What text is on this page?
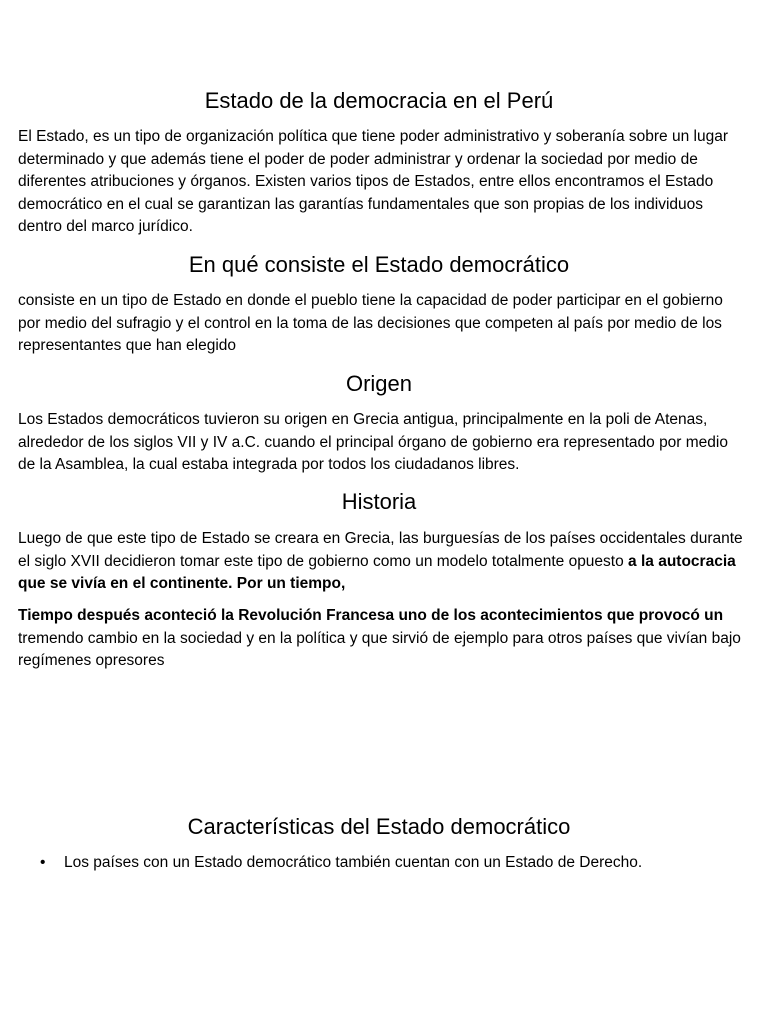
Estado de la democracia en el Perú

El Estado, es un tipo de organización política que tiene poder administrativo y soberanía sobre un lugar determinado y que además tiene el poder de poder administrar y ordenar la sociedad por medio de diferentes atribuciones y órganos. Existen varios tipos de Estados, entre ellos encontramos el Estado democrático en el cual se garantizan las garantías fundamentales que son propias de los individuos dentro del marco jurídico.

En qué consiste el Estado democrático

consiste en un tipo de Estado en donde el pueblo tiene la capacidad de poder participar en el gobierno por medio del sufragio y el control en la toma de las decisiones que competen al país por medio de los representantes que han elegido

Origen

Los Estados democráticos tuvieron su origen en Grecia antigua, principalmente en la poli de Atenas, alrededor de los siglos VII y IV a.C. cuando el principal órgano de gobierno era representado por medio de la Asamblea, la cual estaba integrada por todos los ciudadanos libres.

Historia

Luego de que este tipo de Estado se creara en Grecia, las burguesías de los países occidentales durante el siglo XVII decidieron tomar este tipo de gobierno como un modelo totalmente opuesto a la autocracia que se vivía en el continente. Por un tiempo,

Tiempo después aconteció la Revolución Francesa uno de los acontecimientos que provocó un tremendo cambio en la sociedad y en la política y que sirvió de ejemplo para otros países que vivían bajo regímenes opresores

Características del Estado democrático
• Los países con un Estado democrático también cuentan con un Estado de Derecho.
